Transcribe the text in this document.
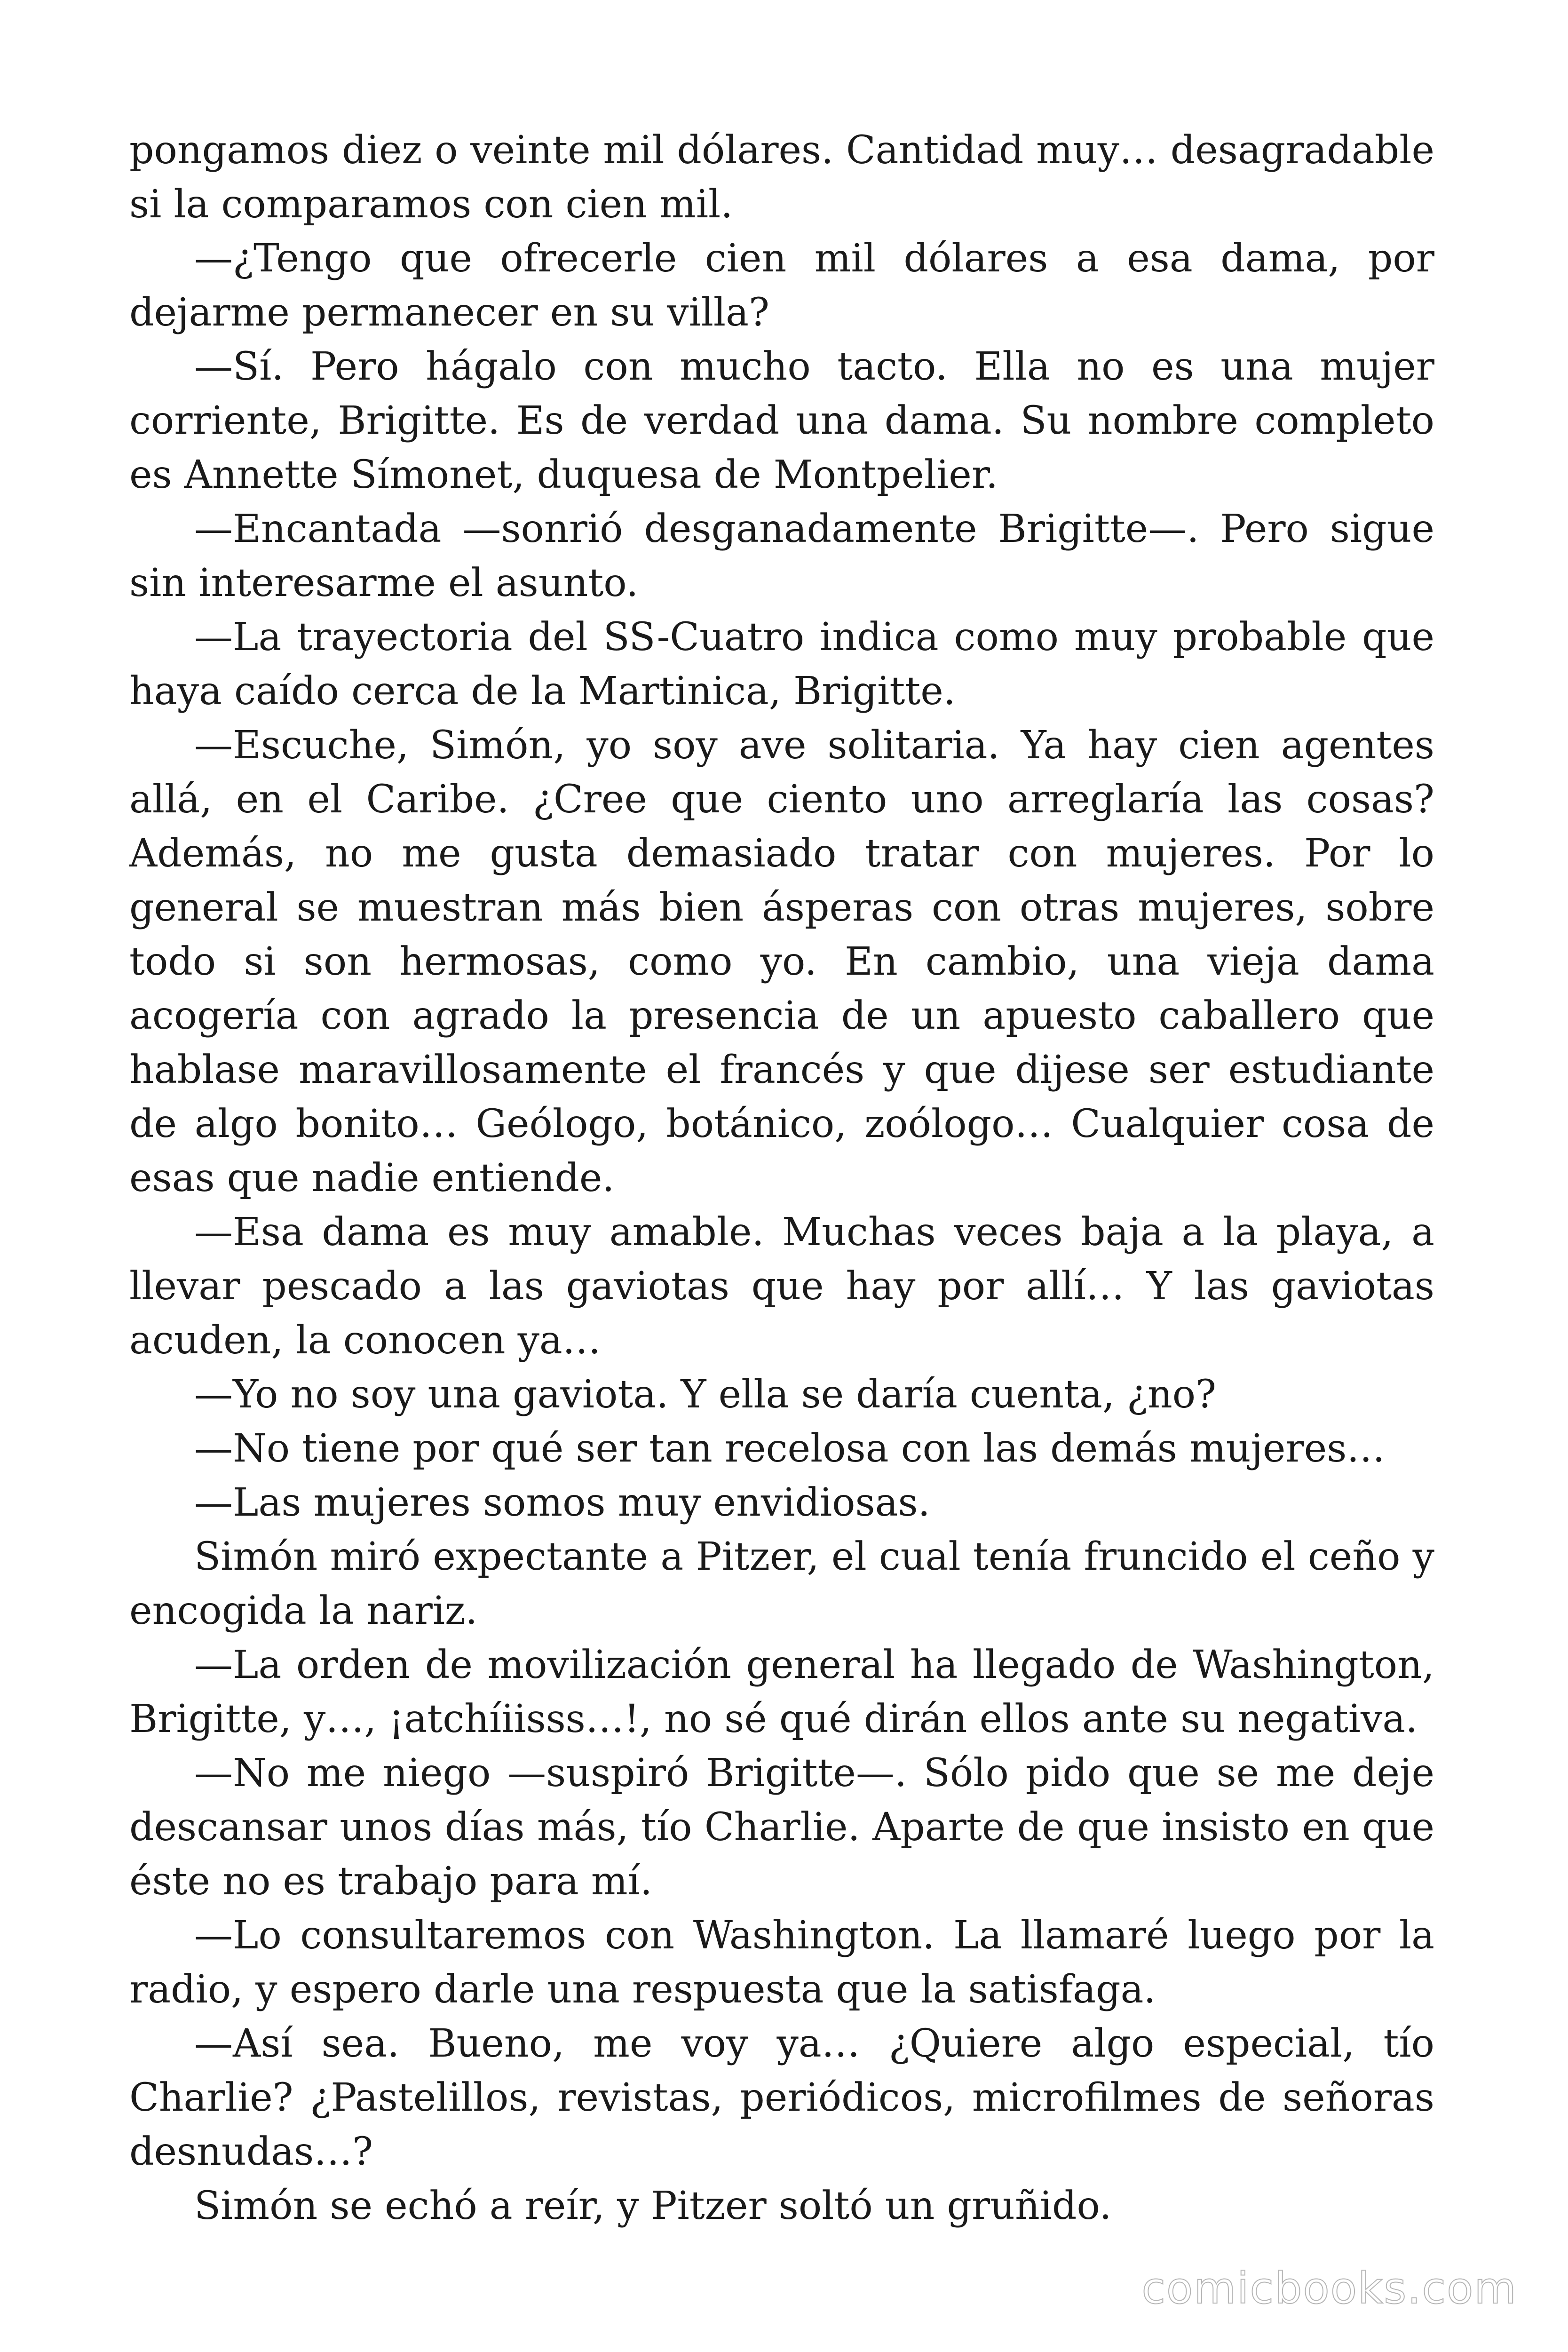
pongamos diez o veinte mil dólares. Cantidad muy… desagradable si la comparamos con cien mil.

—¿Tengo que ofrecerle cien mil dólares a esa dama, por dejarme permanecer en su villa?

—Sí. Pero hágalo con mucho tacto. Ella no es una mujer corriente, Brigitte. Es de verdad una dama. Su nombre completo es Annette Símonet, duquesa de Montpelier.

—Encantada —sonrió desganadamente Brigitte—. Pero sigue sin interesarme el asunto.

—La trayectoria del SS-Cuatro indica como muy probable que haya caído cerca de la Martinica, Brigitte.

—Escuche, Simón, yo soy ave solitaria. Ya hay cien agentes allá, en el Caribe. ¿Cree que ciento uno arreglaría las cosas? Además, no me gusta demasiado tratar con mujeres. Por lo general se muestran más bien ásperas con otras mujeres, sobre todo si son hermosas, como yo. En cambio, una vieja dama acogería con agrado la presencia de un apuesto caballero que hablase maravillosamente el francés y que dijese ser estudiante de algo bonito… Geólogo, botánico, zoólogo… Cualquier cosa de esas que nadie entiende.

—Esa dama es muy amable. Muchas veces baja a la playa, a llevar pescado a las gaviotas que hay por allí… Y las gaviotas acuden, la conocen ya…

—Yo no soy una gaviota. Y ella se daría cuenta, ¿no?

—No tiene por qué ser tan recelosa con las demás mujeres…

—Las mujeres somos muy envidiosas.

Simón miró expectante a Pitzer, el cual tenía fruncido el ceño y encogida la nariz.

—La orden de movilización general ha llegado de Washington, Brigitte, y…, ¡atchíiisss…!, no sé qué dirán ellos ante su negativa.

—No me niego —suspiró Brigitte—. Sólo pido que se me deje descansar unos días más, tío Charlie. Aparte de que insisto en que éste no es trabajo para mí.

—Lo consultaremos con Washington. La llamaré luego por la radio, y espero darle una respuesta que la satisfaga.

—Así sea. Bueno, me voy ya… ¿Quiere algo especial, tío Charlie? ¿Pastelillos, revistas, periódicos, microfilmes de señoras desnudas…?

Simón se echó a reír, y Pitzer soltó un gruñido.

comicbooks.com
